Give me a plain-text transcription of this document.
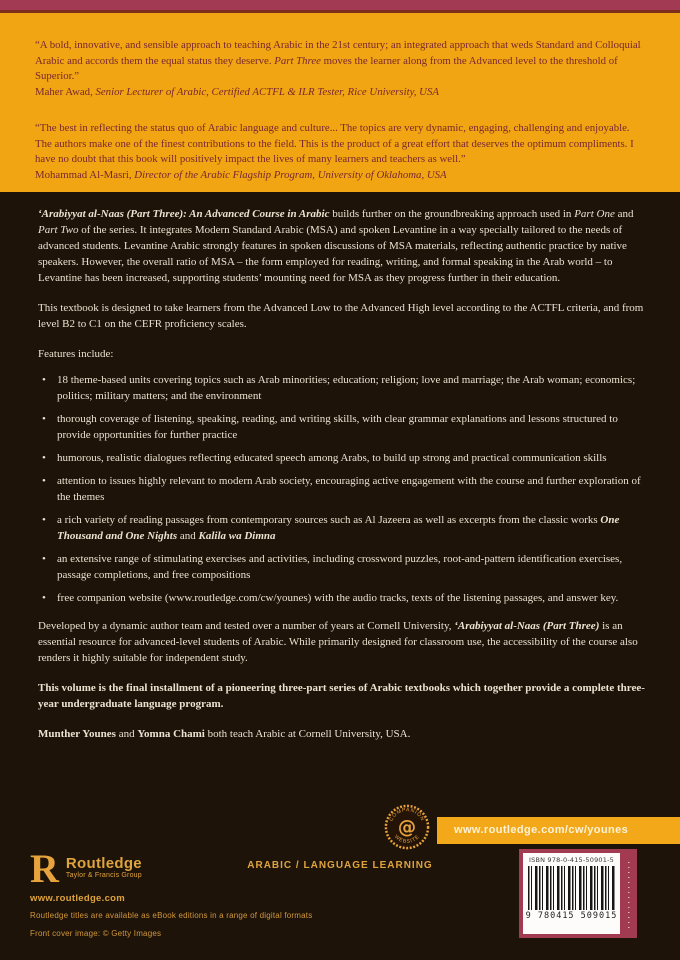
“A bold, innovative, and sensible approach to teaching Arabic in the 21st century; an integrated approach that weds Standard and Colloquial Arabic and accords them the equal status they deserve. Part Three moves the learner along from the Advanced level to the threshold of Superior.”

Maher Awad, Senior Lecturer of Arabic, Certified ACTFL & ILR Tester, Rice University, USA

“The best in reflecting the status quo of Arabic language and culture... The topics are very dynamic, engaging, challenging and enjoyable. The authors make one of the finest contributions to the field. This is the product of a great effort that deserves the optimum compliments. I have no doubt that this book will positively impact the lives of many learners and teachers as well.”

Mohammad Al-Masri, Director of the Arabic Flagship Program, University of Oklahoma, USA

‘Arabiyyat al-Naas (Part Three): An Advanced Course in Arabic builds further on the groundbreaking approach used in Part One and Part Two of the series. It integrates Modern Standard Arabic (MSA) and spoken Levantine in a way specially tailored to the needs of advanced students. Levantine Arabic strongly features in spoken discussions of MSA materials, reflecting authentic practice by native speakers. However, the overall ratio of MSA – the form employed for reading, writing, and formal speaking in the Arab world – to Levantine has been increased, supporting students’ mounting need for MSA as they progress further in their education.

This textbook is designed to take learners from the Advanced Low to the Advanced High level according to the ACTFL criteria, and from level B2 to C1 on the CEFR proficiency scales.

Features include:

• 18 theme-based units covering topics such as Arab minorities; education; religion; love and marriage; the Arab woman; economics; politics; military matters; and the environment
• thorough coverage of listening, speaking, reading, and writing skills, with clear grammar explanations and lessons structured to provide opportunities for further practice
• humorous, realistic dialogues reflecting educated speech among Arabs, to build up strong and practical communication skills
• attention to issues highly relevant to modern Arab society, encouraging active engagement with the course and further exploration of the themes
• a rich variety of reading passages from contemporary sources such as Al Jazeera as well as excerpts from the classic works One Thousand and One Nights and Kalila wa Dimna
• an extensive range of stimulating exercises and activities, including crossword puzzles, root-and-pattern identification exercises, passage completions, and free compositions
• free companion website (www.routledge.com/cw/younes) with the audio tracks, texts of the listening passages, and answer key.

Developed by a dynamic author team and tested over a number of years at Cornell University, ‘Arabiyyat al-Naas (Part Three) is an essential resource for advanced-level students of Arabic. While primarily designed for classroom use, the accessibility of the course also renders it highly suitable for independent study.

This volume is the final installment of a pioneering three-part series of Arabic textbooks which together provide a complete three-year undergraduate language program.

Munther Younes and Yomna Chami both teach Arabic at Cornell University, USA.

COMPANION
WEBSITE
@	www.routledge.com/cw/younes
R Routledge
Taylor & Francis Group
www.routledge.com
Routledge titles are available as eBook editions in a range of digital formats
Front cover image: © Getty Images
ARABIC / LANGUAGE LEARNING	ISBN 978-0-415-50901-5
9 780415 509015
